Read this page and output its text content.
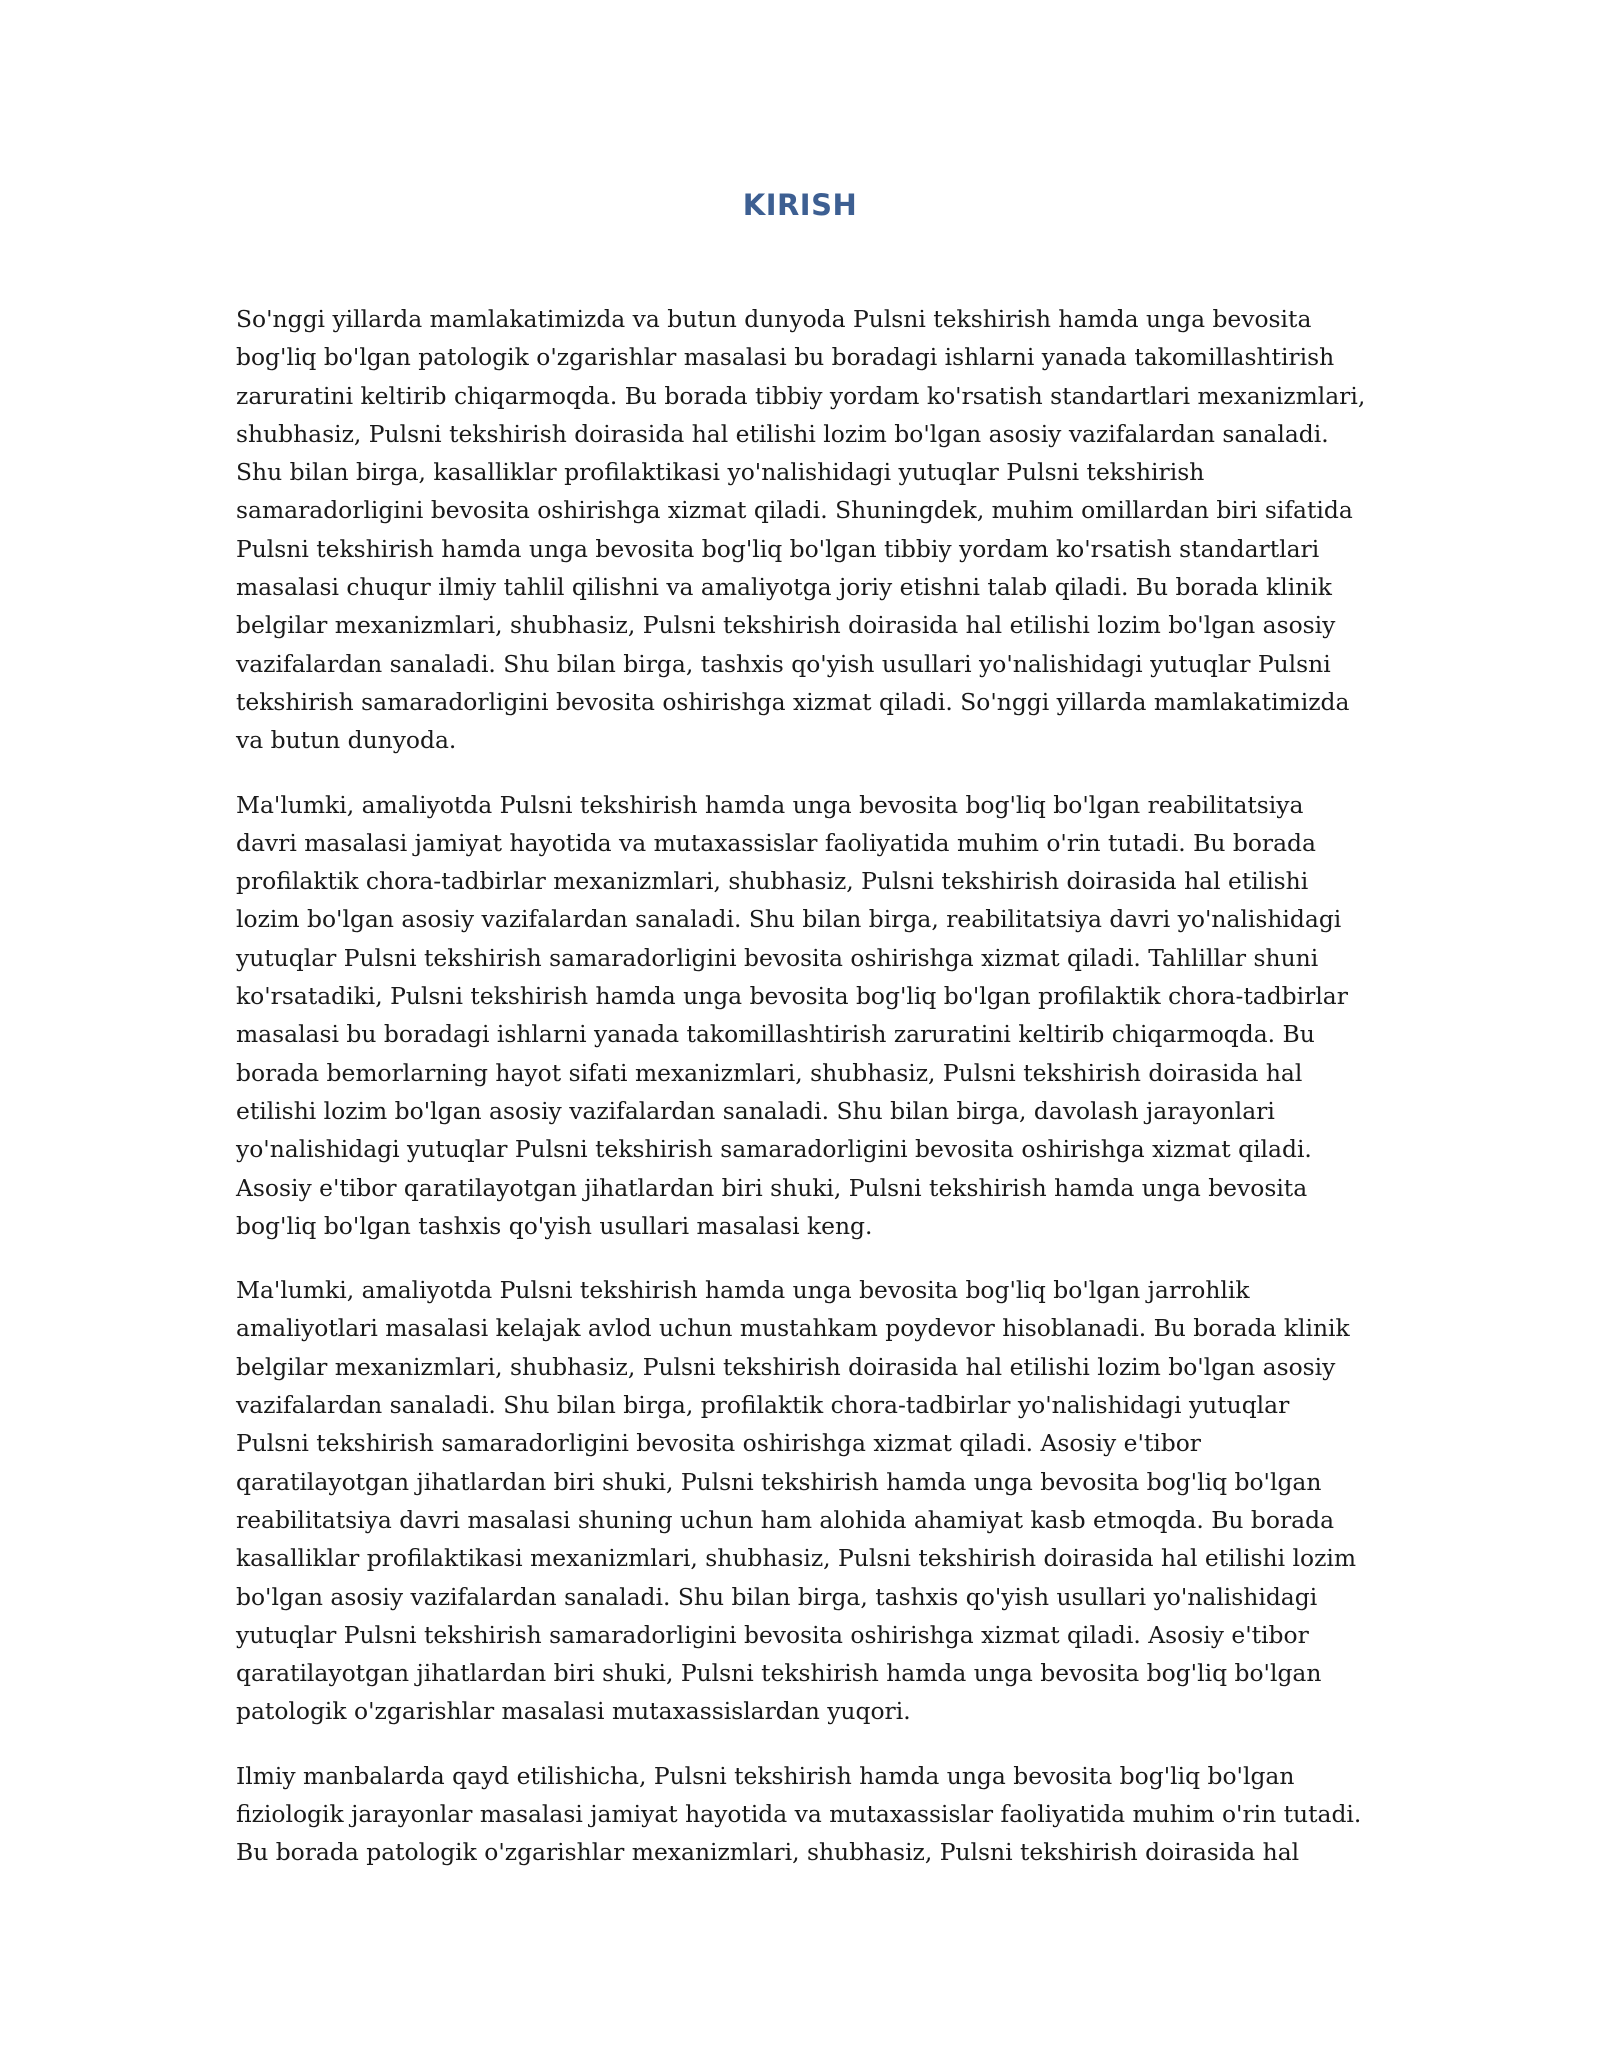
KIRISH

So'nggi yillarda mamlakatimizda va butun dunyoda Pulsni tekshirish hamda unga bevosita bog'liq bo'lgan patologik o'zgarishlar masalasi bu boradagi ishlarni yanada takomillashtirish zaruratini keltirib chiqarmoqda. Bu borada tibbiy yordam ko'rsatish standartlari mexanizmlari, shubhasiz, Pulsni tekshirish doirasida hal etilishi lozim bo'lgan asosiy vazifalardan sanaladi. Shu bilan birga, kasalliklar profilaktikasi yo'nalishidagi yutuqlar Pulsni tekshirish samaradorligini bevosita oshirishga xizmat qiladi. Shuningdek, muhim omillardan biri sifatida Pulsni tekshirish hamda unga bevosita bog'liq bo'lgan tibbiy yordam ko'rsatish standartlari masalasi chuqur ilmiy tahlil qilishni va amaliyotga joriy etishni talab qiladi. Bu borada klinik belgilar mexanizmlari, shubhasiz, Pulsni tekshirish doirasida hal etilishi lozim bo'lgan asosiy vazifalardan sanaladi. Shu bilan birga, tashxis qo'yish usullari yo'nalishidagi yutuqlar Pulsni tekshirish samaradorligini bevosita oshirishga xizmat qiladi. So'nggi yillarda mamlakatimizda va butun dunyoda.

Ma'lumki, amaliyotda Pulsni tekshirish hamda unga bevosita bog'liq bo'lgan reabilitatsiya davri masalasi jamiyat hayotida va mutaxassislar faoliyatida muhim o'rin tutadi. Bu borada profilaktik chora-tadbirlar mexanizmlari, shubhasiz, Pulsni tekshirish doirasida hal etilishi lozim bo'lgan asosiy vazifalardan sanaladi. Shu bilan birga, reabilitatsiya davri yo'nalishidagi yutuqlar Pulsni tekshirish samaradorligini bevosita oshirishga xizmat qiladi. Tahlillar shuni ko'rsatadiki, Pulsni tekshirish hamda unga bevosita bog'liq bo'lgan profilaktik chora-tadbirlar masalasi bu boradagi ishlarni yanada takomillashtirish zaruratini keltirib chiqarmoqda. Bu borada bemorlarning hayot sifati mexanizmlari, shubhasiz, Pulsni tekshirish doirasida hal etilishi lozim bo'lgan asosiy vazifalardan sanaladi. Shu bilan birga, davolash jarayonlari yo'nalishidagi yutuqlar Pulsni tekshirish samaradorligini bevosita oshirishga xizmat qiladi. Asosiy e'tibor qaratilayotgan jihatlardan biri shuki, Pulsni tekshirish hamda unga bevosita bog'liq bo'lgan tashxis qo'yish usullari masalasi keng.

Ma'lumki, amaliyotda Pulsni tekshirish hamda unga bevosita bog'liq bo'lgan jarrohlik amaliyotlari masalasi kelajak avlod uchun mustahkam poydevor hisoblanadi. Bu borada klinik belgilar mexanizmlari, shubhasiz, Pulsni tekshirish doirasida hal etilishi lozim bo'lgan asosiy vazifalardan sanaladi. Shu bilan birga, profilaktik chora-tadbirlar yo'nalishidagi yutuqlar Pulsni tekshirish samaradorligini bevosita oshirishga xizmat qiladi. Asosiy e'tibor qaratilayotgan jihatlardan biri shuki, Pulsni tekshirish hamda unga bevosita bog'liq bo'lgan reabilitatsiya davri masalasi shuning uchun ham alohida ahamiyat kasb etmoqda. Bu borada kasalliklar profilaktikasi mexanizmlari, shubhasiz, Pulsni tekshirish doirasida hal etilishi lozim bo'lgan asosiy vazifalardan sanaladi. Shu bilan birga, tashxis qo'yish usullari yo'nalishidagi yutuqlar Pulsni tekshirish samaradorligini bevosita oshirishga xizmat qiladi. Asosiy e'tibor qaratilayotgan jihatlardan biri shuki, Pulsni tekshirish hamda unga bevosita bog'liq bo'lgan patologik o'zgarishlar masalasi mutaxassislardan yuqori.

Ilmiy manbalarda qayd etilishicha, Pulsni tekshirish hamda unga bevosita bog'liq bo'lgan fiziologik jarayonlar masalasi jamiyat hayotida va mutaxassislar faoliyatida muhim o'rin tutadi. Bu borada patologik o'zgarishlar mexanizmlari, shubhasiz, Pulsni tekshirish doirasida hal
